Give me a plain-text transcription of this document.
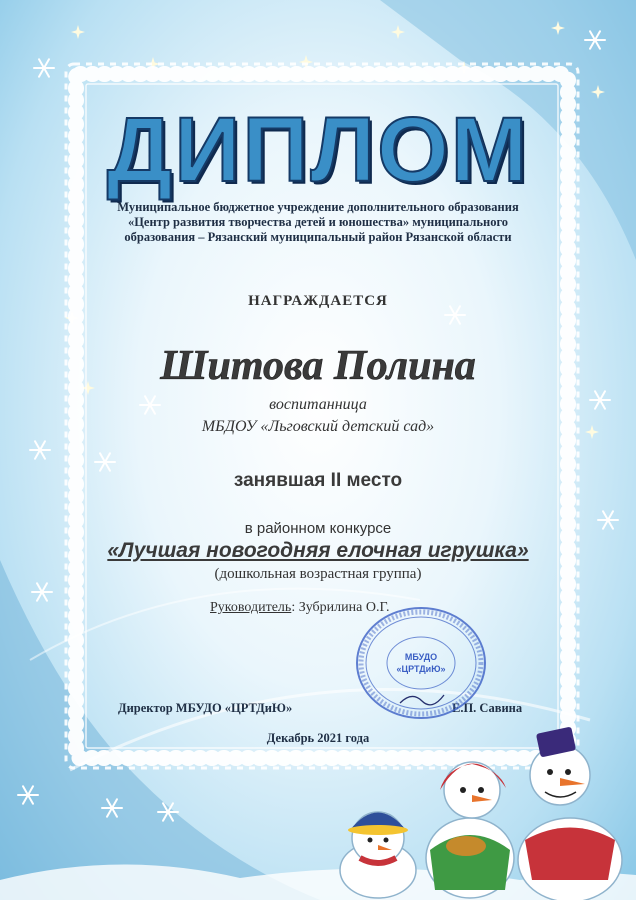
ДИПЛОМ
Муниципальное бюджетное учреждение дополнительного образования
«Центр развития творчества детей и юношества» муниципального
образования – Рязанский муниципальный район Рязанской области
НАГРАЖДАЕТСЯ
Шитова Полина
воспитанница
МБДОУ «Льговский детский сад»
занявшая II место
в районном конкурсе
«Лучшая новогодняя елочная игрушка»
(дошкольная возрастная группа)
Руководитель: Зубрилина О.Г.
Директор МБУДО «ЦРТДиЮ»	Е.П. Савина
Декабрь 2021 года
МБУДО
«ЦРТДиЮ»
